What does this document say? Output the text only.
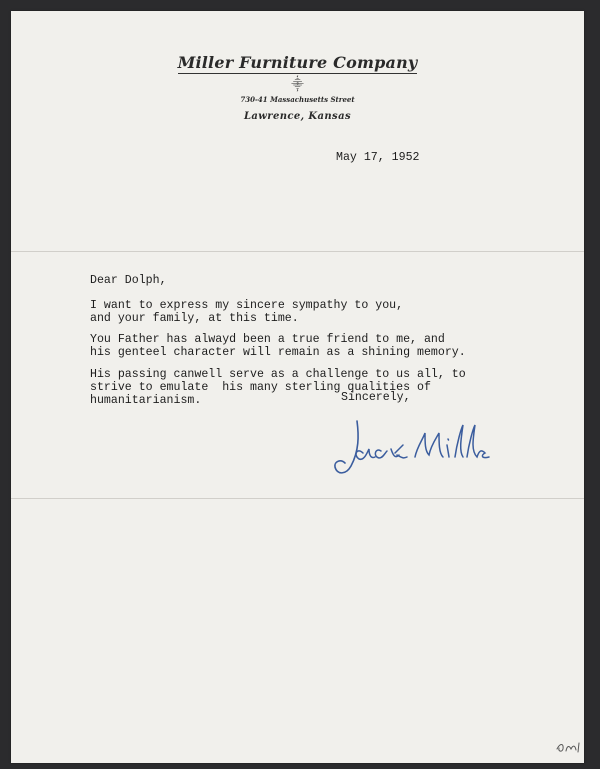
Miller Furniture Company
⸎
730-41 Massachusetts Street
Lawrence, Kansas

May 17, 1952

Dear Dolph,

I want to express my sincere sympathy to you,
and your family, at this time.

You Father has alwayd been a true friend to me, and
his genteel character will remain as a shining memory.

His passing canwell serve as a challenge to us all, to
strive to emulate  his many sterling qualities of
humanitarianism.	Sincerely,
